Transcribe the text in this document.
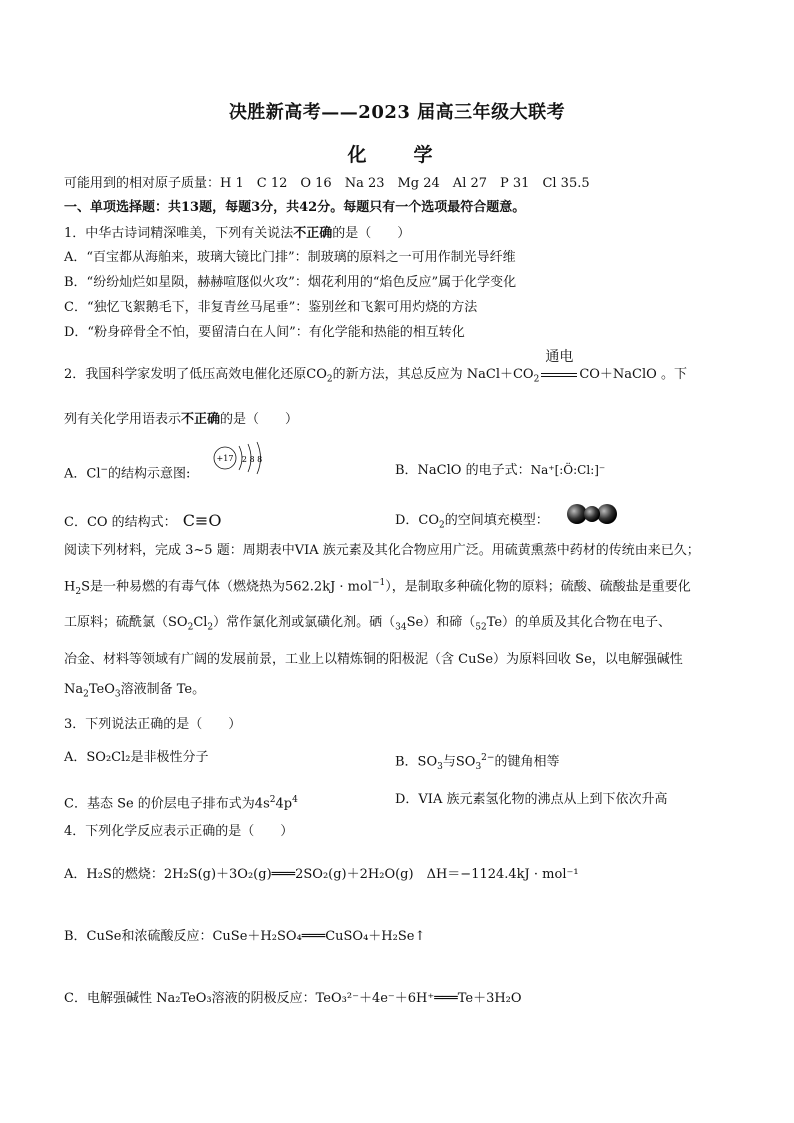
决胜新高考——2023 届高三年级大联考
化　学
可能用到的相对原子质量：H 1　C 12　O 16　Na 23　Mg 24　Al 27　P 31　Cl 35.5
一、单项选择题：共13题，每题3分，共42分。每题只有一个选项最符合题意。
1．中华古诗词精深唯美，下列有关说法不正确的是（　　）
A．“百宝都从海舶来，玻璃大镜比门排”：制玻璃的原料之一可用作制光导纤维
B．“纷纷灿烂如星陨，赫赫喧豗似火攻”：烟花利用的“焰色反应”属于化学变化
C．“独忆飞絮鹅毛下，非复青丝马尾垂”：鉴别丝和飞絮可用灼烧的方法
D．“粉身碎骨全不怕，要留清白在人间”：有化学能和热能的相互转化
2．我国科学家发明了低压高效电催化还原$CO_2$的新方法，其总反应为 $NaCl+CO_2$
通电
CO＋NaClO 。下
列有关化学用语表示不正确的是（　　）
A．Cl−的结构示意图:
+17 2 8 8
B．NaClO 的电子式：Na⁺[:Ö:Cl:]⁻
C．CO 的结构式： C≡O	D．$CO_2$的空间填充模型：
阅读下列材料，完成 3~5 题：周期表中VIA 族元素及其化合物应用广泛。用硫黄熏蒸中药材的传统由来已久；
$H_2S$是一种易燃的有毒气体（燃烧热为562.2kJ · mol$^{-1}$），是制取多种硫化物的原料；硫酸、硫酸盐是重要化
工原料；硫酰氯$(SO_2Cl_2)$常作氯化剂或氯磺化剂。硒$(_{34}Se)$和碲$(_{52}Te)$的单质及其化合物在电子、
冶金、材料等领域有广阔的发展前景，工业上以精炼铜的阳极泥（含 CuSe）为原料回收 Se，以电解强碱性
$Na_2TeO_3$溶液制备 Te。
3．下列说法正确的是（　　）
A．SO₂Cl₂是非极性分子	B．$SO_3$与$SO_3^{2-}$的键角相等
C．基态 Se 的价层电子排布式为$4s^24p^4$	D．VIA 族元素氢化物的沸点从上到下依次升高
4．下列化学反应表示正确的是（　　）
A．H₂S的燃烧：2H₂S(g)＋3O₂(g)═══2SO₂(g)＋2H₂O(g)　ΔH＝−1124.4kJ · mol⁻¹
B．CuSe和浓硫酸反应：CuSe＋H₂SO₄═══CuSO₄＋H₂Se↑
C．电解强碱性 Na₂TeO₃溶液的阴极反应：TeO₃²⁻＋4e⁻＋6H⁺═══Te＋3H₂O
